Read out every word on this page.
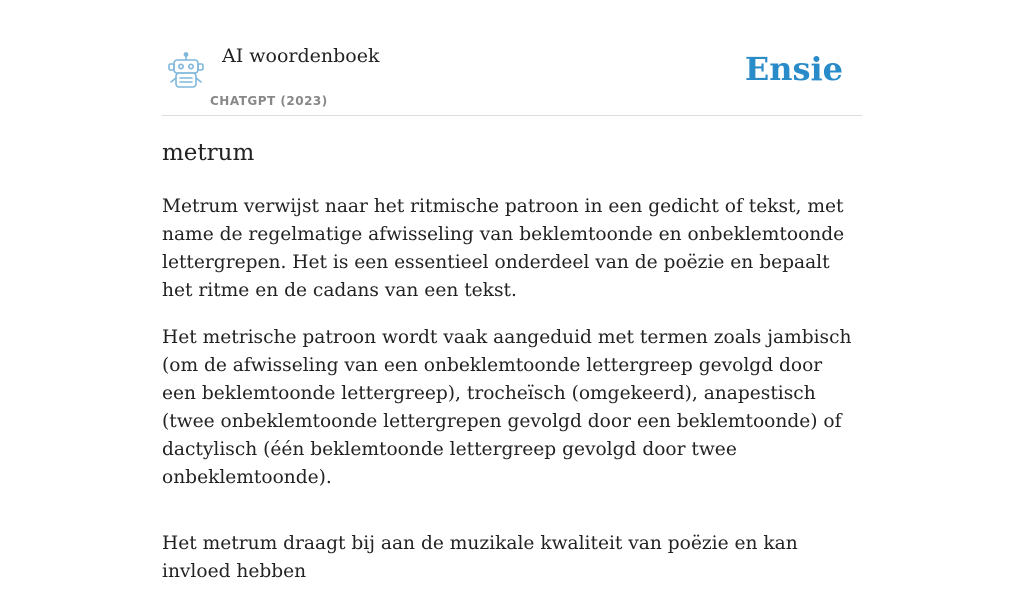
AI woordenboek
CHATGPT (2023)
Ensie
metrum

Metrum verwijst naar het ritmische patroon in een gedicht of tekst, met name de regelmatige afwisseling van beklemtoonde en onbeklemtoonde lettergrepen. Het is een essentieel onderdeel van de poëzie en bepaalt het ritme en de cadans van een tekst.

Het metrische patroon wordt vaak aangeduid met termen zoals jambisch (om de afwisseling van een onbeklemtoonde lettergreep gevolgd door een beklemtoonde lettergreep), trocheïsch (omgekeerd), anapestisch (twee onbeklemtoonde lettergrepen gevolgd door een beklemtoonde) of dactylisch (één beklemtoonde lettergreep gevolgd door twee onbeklemtoonde).

Het metrum draagt bij aan de muzikale kwaliteit van poëzie en kan invloed hebben
